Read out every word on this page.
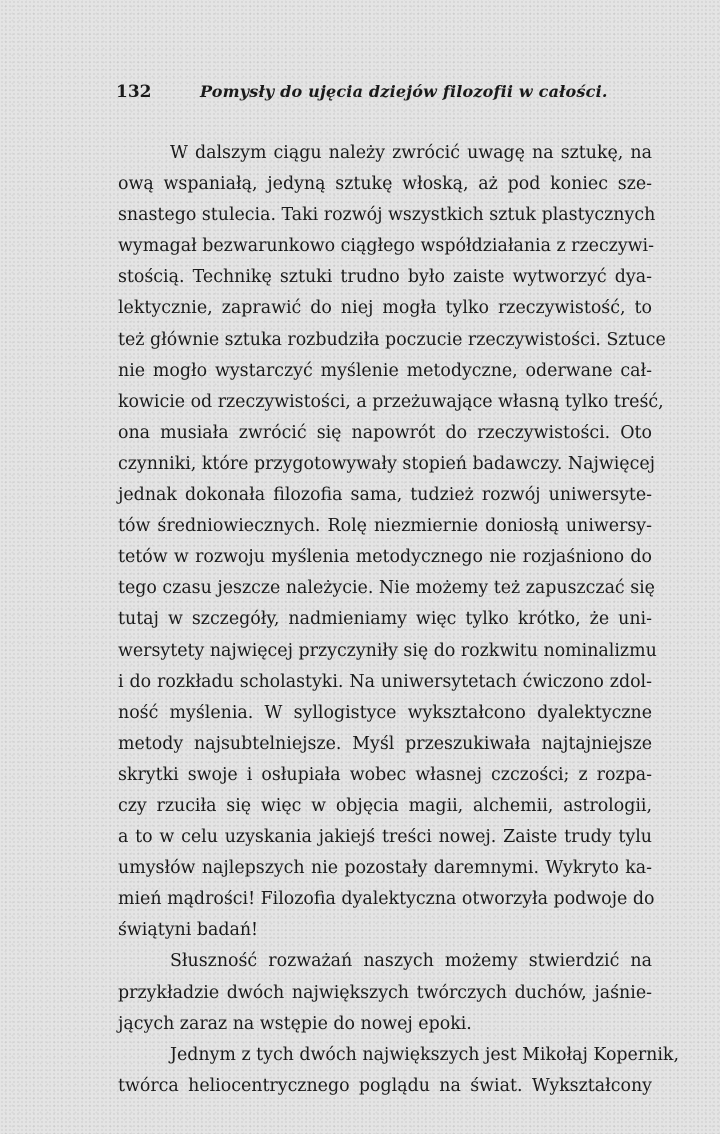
132	Pomysły do ujęcia dziejów filozofii w całości.
W dalszym ciągu należy zwrócić uwagę na sztukę, na
ową wspaniałą, jedyną sztukę włoską, aż pod koniec sze-
snastego stulecia. Taki rozwój wszystkich sztuk plastycznych
wymagał bezwarunkowo ciągłego współdziałania z rzeczywi-
stością. Technikę sztuki trudno było zaiste wytworzyć dya-
lektycznie, zaprawić do niej mogła tylko rzeczywistość, to
też głównie sztuka rozbudziła poczucie rzeczywistości. Sztuce
nie mogło wystarczyć myślenie metodyczne, oderwane cał-
kowicie od rzeczywistości, a przeżuwające własną tylko treść,
ona musiała zwrócić się napowrót do rzeczywistości. Oto
czynniki, które przygotowywały stopień badawczy. Najwięcej
jednak dokonała filozofia sama, tudzież rozwój uniwersyte-
tów średniowiecznych. Rolę niezmiernie doniosłą uniwersy-
tetów w rozwoju myślenia metodycznego nie rozjaśniono do
tego czasu jeszcze należycie. Nie możemy też zapuszczać się
tutaj w szczegóły, nadmieniamy więc tylko krótko, że uni-
wersytety najwięcej przyczyniły się do rozkwitu nominalizmu
i do rozkładu scholastyki. Na uniwersytetach ćwiczono zdol-
ność myślenia. W syllogistyce wykształcono dyalektyczne
metody najsubtelniejsze. Myśl przeszukiwała najtajniejsze
skrytki swoje i osłupiała wobec własnej czczości; z rozpa-
czy rzuciła się więc w objęcia magii, alchemii, astrologii,
a to w celu uzyskania jakiejś treści nowej. Zaiste trudy tylu
umysłów najlepszych nie pozostały daremnymi. Wykryto ka-
mień mądrości! Filozofia dyalektyczna otworzyła podwoje do
świątyni badań!
Słuszność rozważań naszych możemy stwierdzić na
przykładzie dwóch największych twórczych duchów, jaśnie-
jących zaraz na wstępie do nowej epoki.
Jednym z tych dwóch największych jest Mikołaj Kopernik,
twórca heliocentrycznego poglądu na świat. Wykształcony
